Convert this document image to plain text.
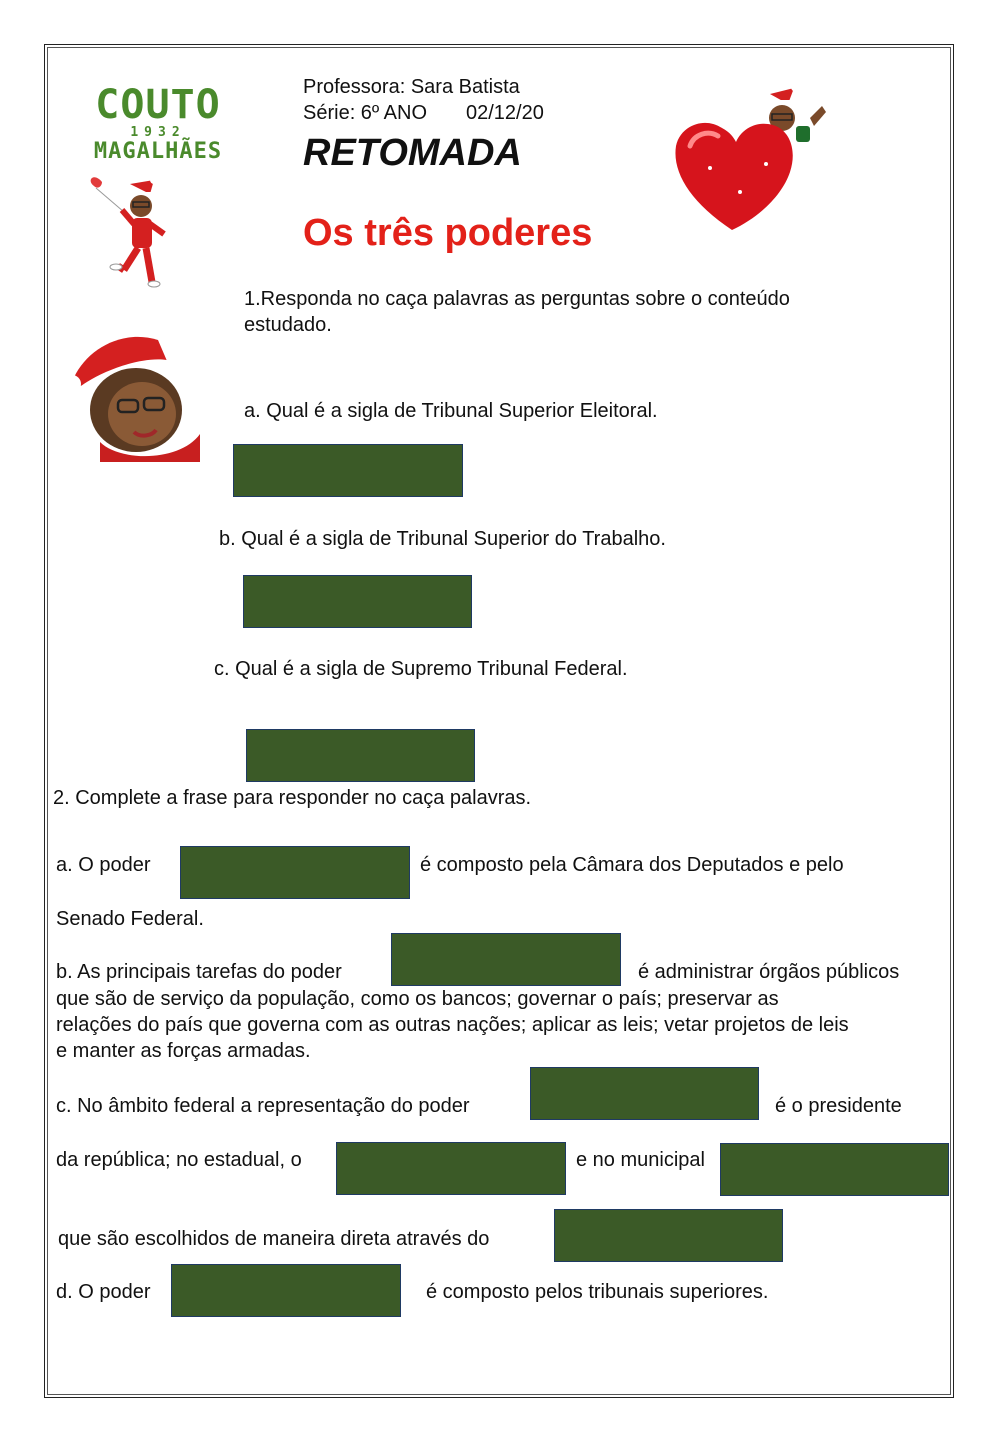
COUTO
1932
MAGALHÃES
Professora: Sara Batista
Série: 6º ANO 02/12/20
RETOMADA
Os três poderes
1.Responda no caça palavras as perguntas sobre o conteúdo
estudado.
a. Qual é a sigla de Tribunal Superior Eleitoral.
b. Qual é a sigla de Tribunal Superior do Trabalho.
c. Qual é a sigla de Supremo Tribunal Federal.
2. Complete a frase para responder no caça palavras.
a. O poder	é composto pela Câmara dos Deputados e pelo
Senado Federal.
b. As principais tarefas do poder	é administrar órgãos públicos
que são de serviço da população, como os bancos; governar o país; preservar as
relações do país que governa com as outras nações; aplicar as leis; vetar projetos de leis
e manter as forças armadas.
c. No âmbito federal a representação do poder	é o presidente
da república; no estadual, o	e no municipal
que são escolhidos de maneira direta através do
d. O poder	é composto pelos tribunais superiores.
